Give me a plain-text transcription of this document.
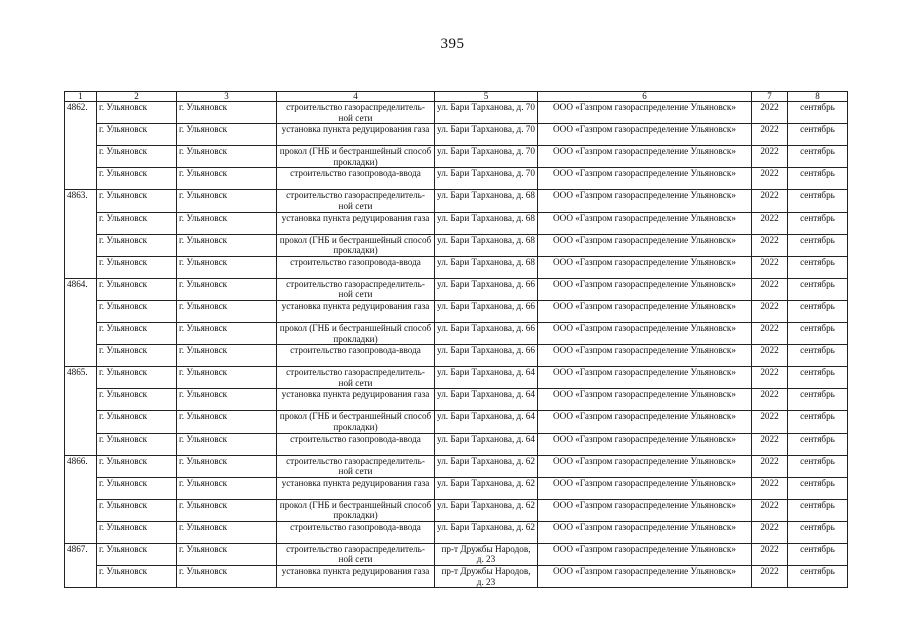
395
1	2	3	4	5	6	7	8
4862.	г. Ульяновск	г. Ульяновск	строительство газораспределитель-ной сети	ул. Бари Тарханова, д. 70	ООО «Газпром газораспределение Ульяновск»	2022	сентябрь
	г. Ульяновск	г. Ульяновск	установка пункта редуцирования газа	ул. Бари Тарханова, д. 70	ООО «Газпром газораспределение Ульяновск»	2022	сентябрь
	г. Ульяновск	г. Ульяновск	прокол (ГНБ и бестраншейный способ прокладки)	ул. Бари Тарханова, д. 70	ООО «Газпром газораспределение Ульяновск»	2022	сентябрь
	г. Ульяновск	г. Ульяновск	строительство газопровода-ввода	ул. Бари Тарханова, д. 70	ООО «Газпром газораспределение Ульяновск»	2022	сентябрь
4863.	г. Ульяновск	г. Ульяновск	строительство газораспределитель-ной сети	ул. Бари Тарханова, д. 68	ООО «Газпром газораспределение Ульяновск»	2022	сентябрь
	г. Ульяновск	г. Ульяновск	установка пункта редуцирования газа	ул. Бари Тарханова, д. 68	ООО «Газпром газораспределение Ульяновск»	2022	сентябрь
	г. Ульяновск	г. Ульяновск	прокол (ГНБ и бестраншейный способ прокладки)	ул. Бари Тарханова, д. 68	ООО «Газпром газораспределение Ульяновск»	2022	сентябрь
	г. Ульяновск	г. Ульяновск	строительство газопровода-ввода	ул. Бари Тарханова, д. 68	ООО «Газпром газораспределение Ульяновск»	2022	сентябрь
4864.	г. Ульяновск	г. Ульяновск	строительство газораспределитель-ной сети	ул. Бари Тарханова, д. 66	ООО «Газпром газораспределение Ульяновск»	2022	сентябрь
	г. Ульяновск	г. Ульяновск	установка пункта редуцирования газа	ул. Бари Тарханова, д. 66	ООО «Газпром газораспределение Ульяновск»	2022	сентябрь
	г. Ульяновск	г. Ульяновск	прокол (ГНБ и бестраншейный способ прокладки)	ул. Бари Тарханова, д. 66	ООО «Газпром газораспределение Ульяновск»	2022	сентябрь
	г. Ульяновск	г. Ульяновск	строительство газопровода-ввода	ул. Бари Тарханова, д. 66	ООО «Газпром газораспределение Ульяновск»	2022	сентябрь
4865.	г. Ульяновск	г. Ульяновск	строительство газораспределитель-ной сети	ул. Бари Тарханова, д. 64	ООО «Газпром газораспределение Ульяновск»	2022	сентябрь
	г. Ульяновск	г. Ульяновск	установка пункта редуцирования газа	ул. Бари Тарханова, д. 64	ООО «Газпром газораспределение Ульяновск»	2022	сентябрь
	г. Ульяновск	г. Ульяновск	прокол (ГНБ и бестраншейный способ прокладки)	ул. Бари Тарханова, д. 64	ООО «Газпром газораспределение Ульяновск»	2022	сентябрь
	г. Ульяновск	г. Ульяновск	строительство газопровода-ввода	ул. Бари Тарханова, д. 64	ООО «Газпром газораспределение Ульяновск»	2022	сентябрь
4866.	г. Ульяновск	г. Ульяновск	строительство газораспределитель-ной сети	ул. Бари Тарханова, д. 62	ООО «Газпром газораспределение Ульяновск»	2022	сентябрь
	г. Ульяновск	г. Ульяновск	установка пункта редуцирования газа	ул. Бари Тарханова, д. 62	ООО «Газпром газораспределение Ульяновск»	2022	сентябрь
	г. Ульяновск	г. Ульяновск	прокол (ГНБ и бестраншейный способ прокладки)	ул. Бари Тарханова, д. 62	ООО «Газпром газораспределение Ульяновск»	2022	сентябрь
	г. Ульяновск	г. Ульяновск	строительство газопровода-ввода	ул. Бари Тарханова, д. 62	ООО «Газпром газораспределение Ульяновск»	2022	сентябрь
4867.	г. Ульяновск	г. Ульяновск	строительство газораспределитель-ной сети	пр-т Дружбы Народов, д. 23	ООО «Газпром газораспределение Ульяновск»	2022	сентябрь
	г. Ульяновск	г. Ульяновск	установка пункта редуцирования газа	пр-т Дружбы Народов, д. 23	ООО «Газпром газораспределение Ульяновск»	2022	сентябрь
